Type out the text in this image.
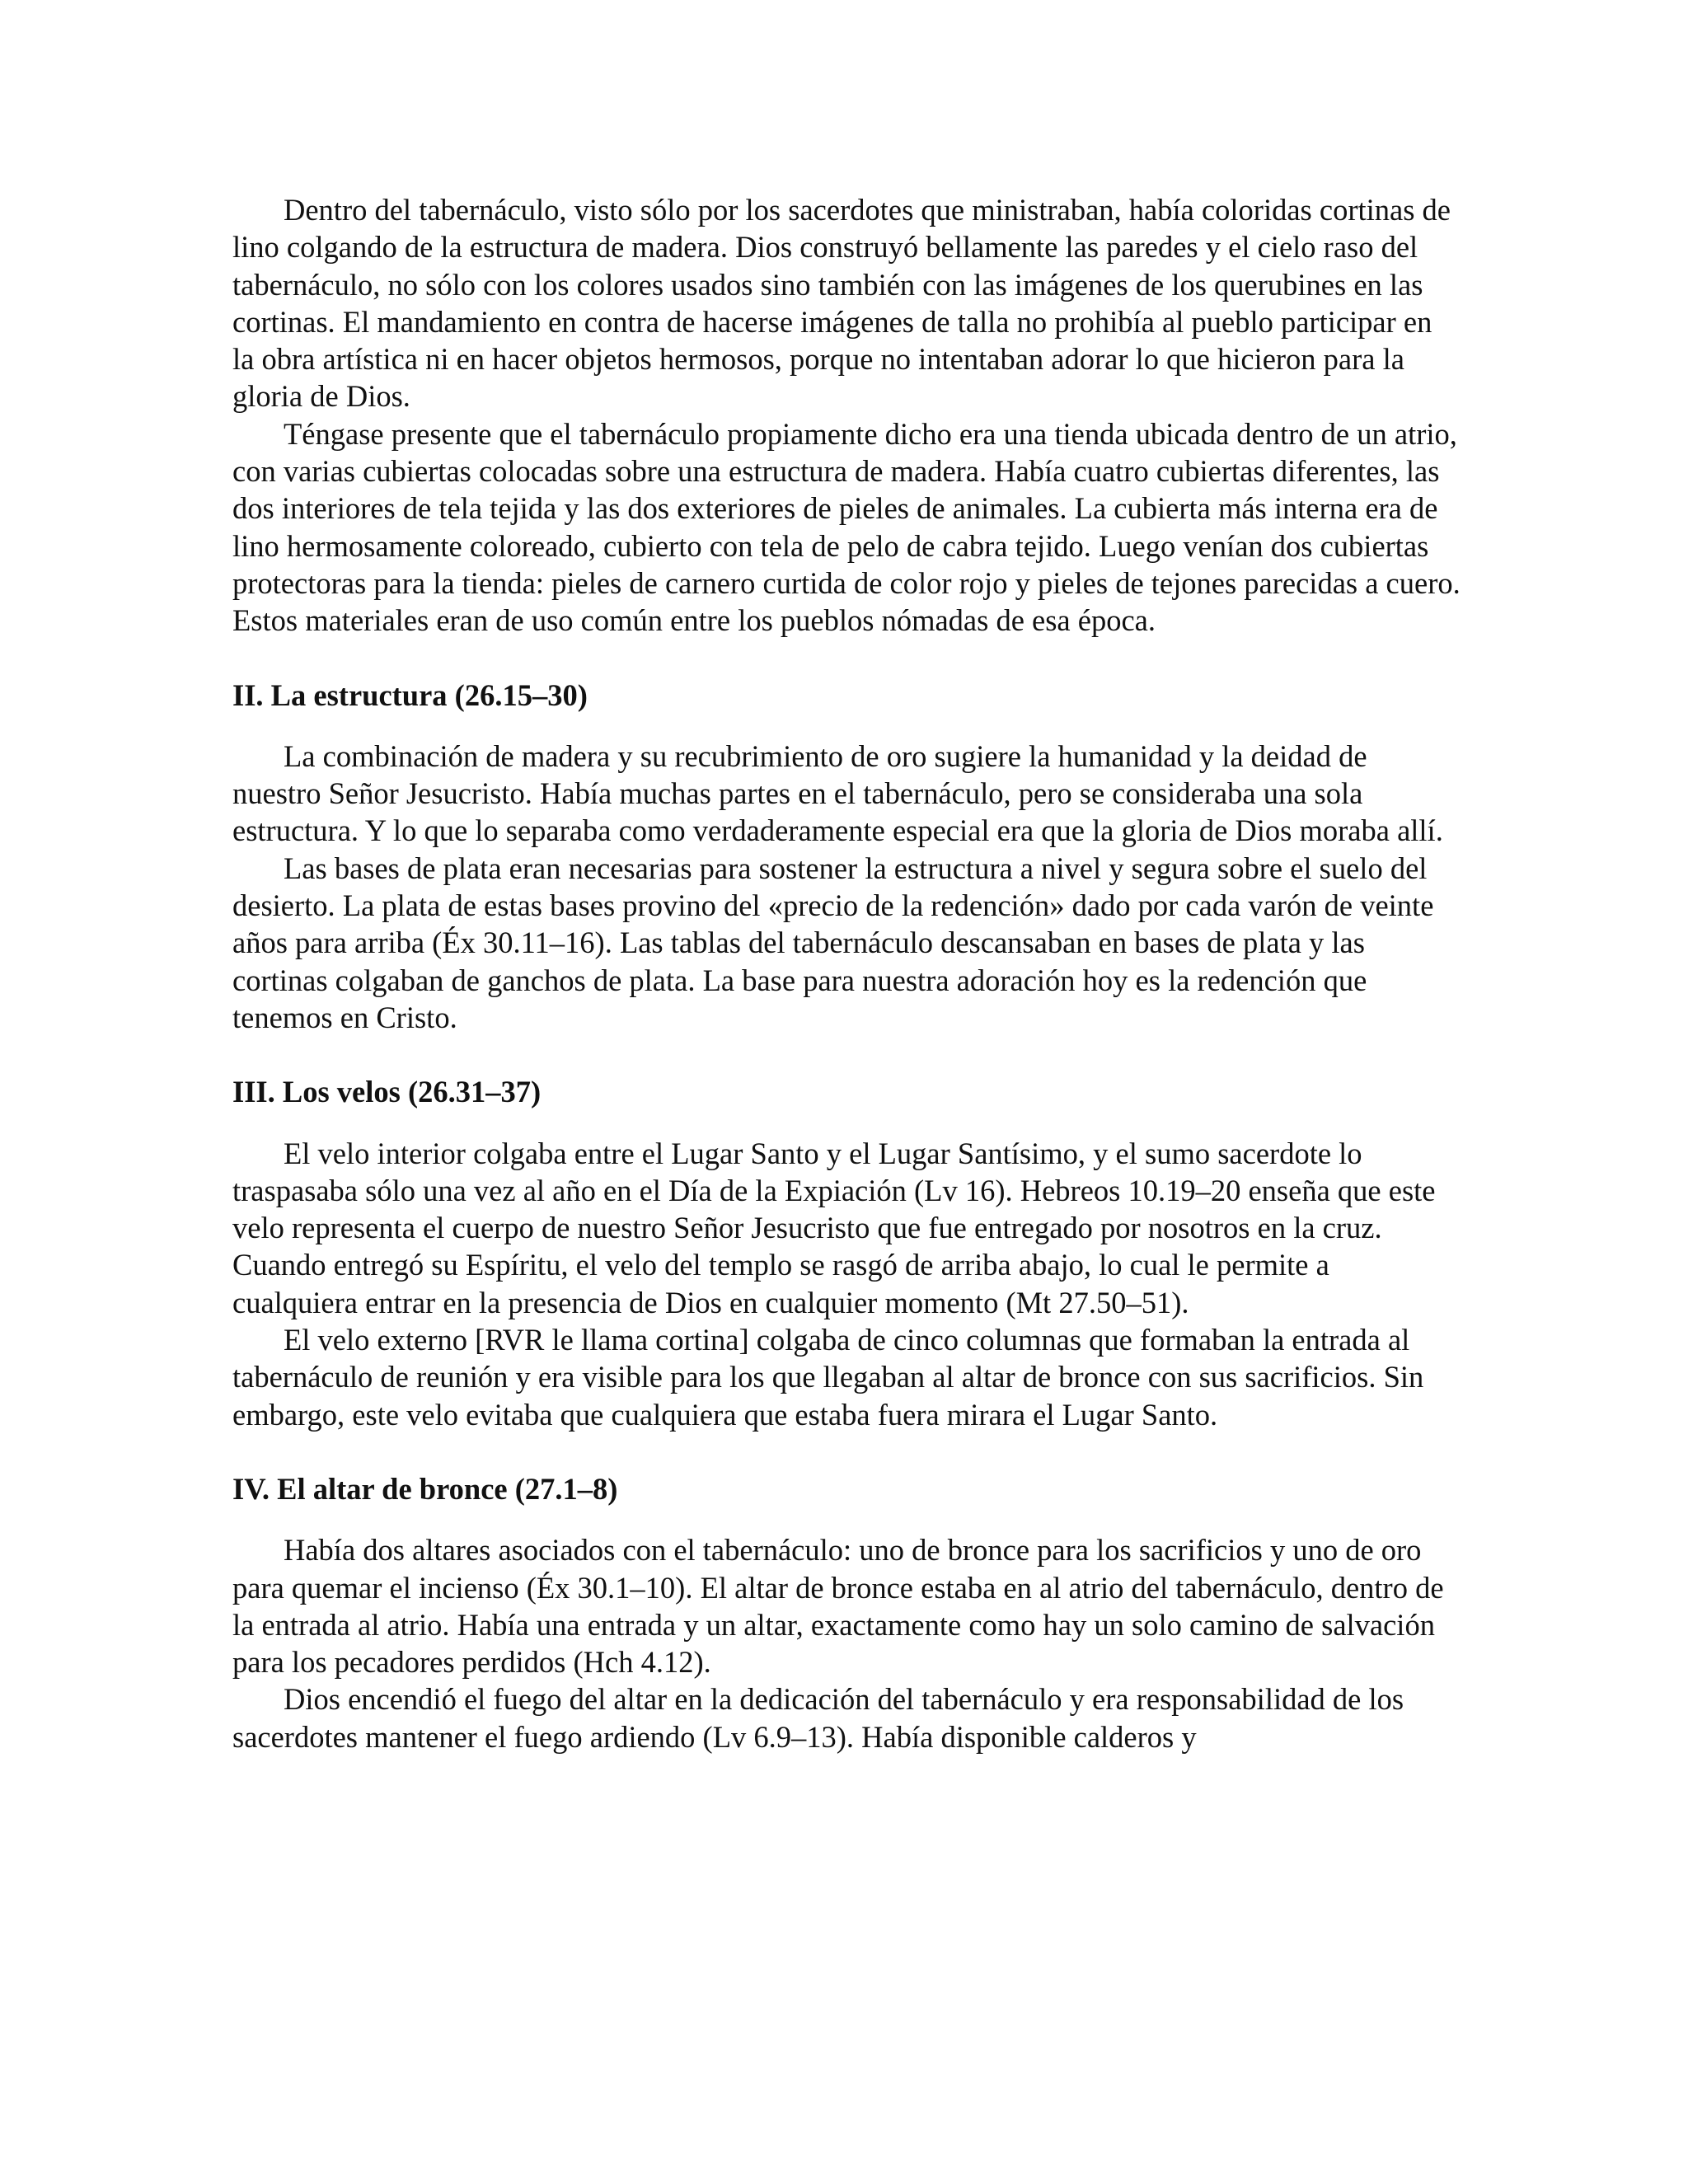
Dentro del tabernáculo, visto sólo por los sacerdotes que ministraban, había coloridas cortinas de lino colgando de la estructura de madera. Dios construyó bellamente las paredes y el cielo raso del tabernáculo, no sólo con los colores usados sino también con las imágenes de los querubines en las cortinas. El mandamiento en contra de hacerse imágenes de talla no prohibía al pueblo participar en la obra artística ni en hacer objetos hermosos, porque no intentaban adorar lo que hicieron para la gloria de Dios.

Téngase presente que el tabernáculo propiamente dicho era una tienda ubicada dentro de un atrio, con varias cubiertas colocadas sobre una estructura de madera. Había cuatro cubiertas diferentes, las dos interiores de tela tejida y las dos exteriores de pieles de animales. La cubierta más interna era de lino hermosamente coloreado, cubierto con tela de pelo de cabra tejido. Luego venían dos cubiertas protectoras para la tienda: pieles de carnero curtida de color rojo y pieles de tejones parecidas a cuero. Estos materiales eran de uso común entre los pueblos nómadas de esa época.

II. La estructura (26.15–30)

La combinación de madera y su recubrimiento de oro sugiere la humanidad y la deidad de nuestro Señor Jesucristo. Había muchas partes en el tabernáculo, pero se consideraba una sola estructura. Y lo que lo separaba como verdaderamente especial era que la gloria de Dios moraba allí.

Las bases de plata eran necesarias para sostener la estructura a nivel y segura sobre el suelo del desierto. La plata de estas bases provino del «precio de la redención» dado por cada varón de veinte años para arriba (Éx 30.11–16). Las tablas del tabernáculo descansaban en bases de plata y las cortinas colgaban de ganchos de plata. La base para nuestra adoración hoy es la redención que tenemos en Cristo.

III. Los velos (26.31–37)

El velo interior colgaba entre el Lugar Santo y el Lugar Santísimo, y el sumo sacerdote lo traspasaba sólo una vez al año en el Día de la Expiación (Lv 16). Hebreos 10.19–20 enseña que este velo representa el cuerpo de nuestro Señor Jesucristo que fue entregado por nosotros en la cruz. Cuando entregó su Espíritu, el velo del templo se rasgó de arriba abajo, lo cual le permite a cualquiera entrar en la presencia de Dios en cualquier momento (Mt 27.50–51).

El velo externo [RVR le llama cortina] colgaba de cinco columnas que formaban la entrada al tabernáculo de reunión y era visible para los que llegaban al altar de bronce con sus sacrificios. Sin embargo, este velo evitaba que cualquiera que estaba fuera mirara el Lugar Santo.

IV. El altar de bronce (27.1–8)

Había dos altares asociados con el tabernáculo: uno de bronce para los sacrificios y uno de oro para quemar el incienso (Éx 30.1–10). El altar de bronce estaba en al atrio del tabernáculo, dentro de la entrada al atrio. Había una entrada y un altar, exactamente como hay un solo camino de salvación para los pecadores perdidos (Hch 4.12).

Dios encendió el fuego del altar en la dedicación del tabernáculo y era responsabilidad de los sacerdotes mantener el fuego ardiendo (Lv 6.9–13). Había disponible calderos y
